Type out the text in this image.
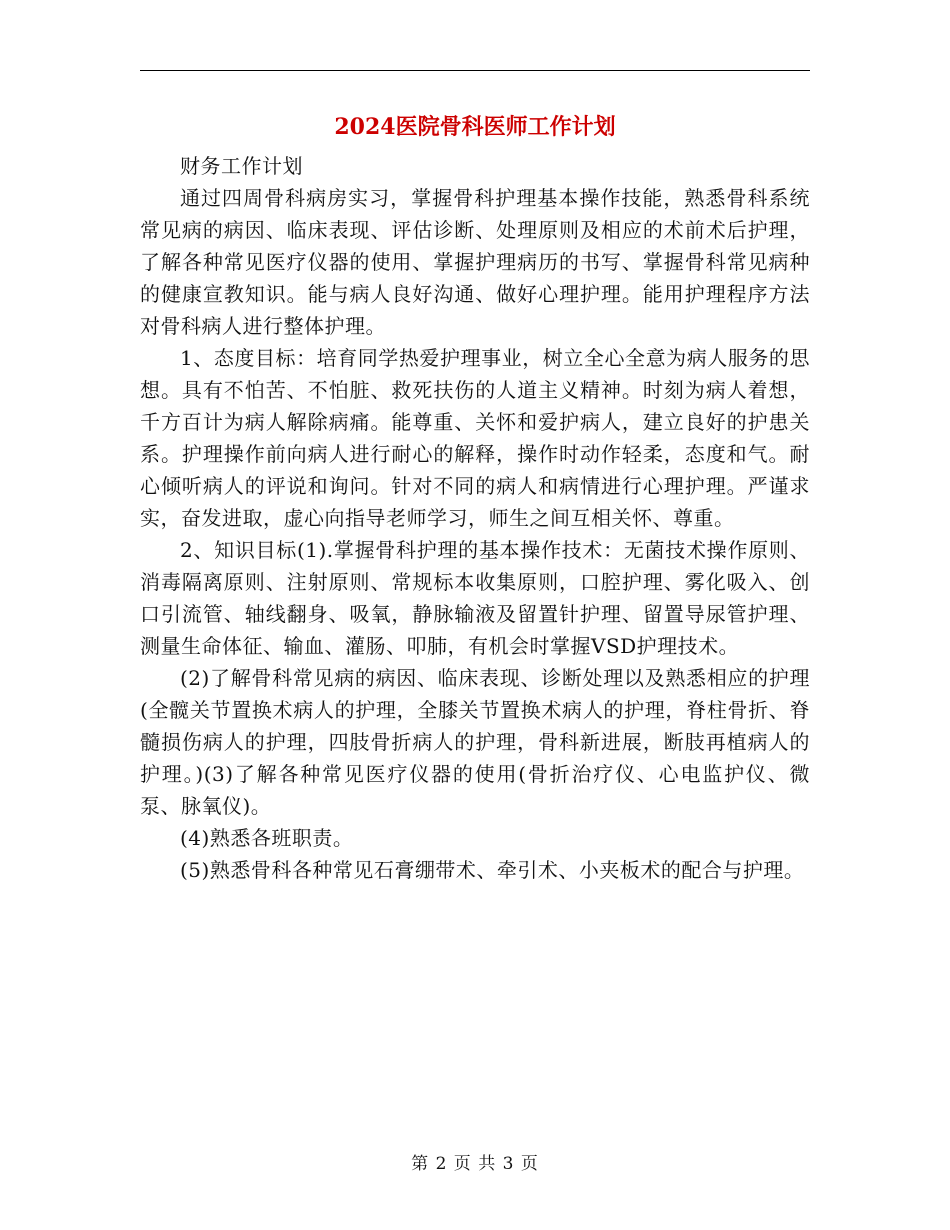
2024医院骨科医师工作计划

财务工作计划

通过四周骨科病房实习，掌握骨科护理基本操作技能，熟悉骨科系统常见病的病因、临床表现、评估诊断、处理原则及相应的术前术后护理，了解各种常见医疗仪器的使用、掌握护理病历的书写、掌握骨科常见病种的健康宣教知识。能与病人良好沟通、做好心理护理。能用护理程序方法对骨科病人进行整体护理。

1、态度目标：培育同学热爱护理事业，树立全心全意为病人服务的思想。具有不怕苦、不怕脏、救死扶伤的人道主义精神。时刻为病人着想，千方百计为病人解除病痛。能尊重、关怀和爱护病人，建立良好的护患关系。护理操作前向病人进行耐心的解释，操作时动作轻柔，态度和气。耐心倾听病人的评说和询问。针对不同的病人和病情进行心理护理。严谨求实，奋发进取，虚心向指导老师学习，师生之间互相关怀、尊重。

2、知识目标(1).掌握骨科护理的基本操作技术：无菌技术操作原则、消毒隔离原则、注射原则、常规标本收集原则，口腔护理、雾化吸入、创口引流管、轴线翻身、吸氧，静脉输液及留置针护理、留置导尿管护理、测量生命体征、输血、灌肠、叩肺，有机会时掌握VSD护理技术。

(2)了解骨科常见病的病因、临床表现、诊断处理以及熟悉相应的护理(全髋关节置换术病人的护理，全膝关节置换术病人的护理，脊柱骨折、脊髓损伤病人的护理，四肢骨折病人的护理，骨科新进展，断肢再植病人的护理。)(3)了解各种常见医疗仪器的使用(骨折治疗仪、心电监护仪、微泵、脉氧仪)。

(4)熟悉各班职责。

(5)熟悉骨科各种常见石膏绷带术、牵引术、小夹板术的配合与护理。

第 2 页 共 3 页
